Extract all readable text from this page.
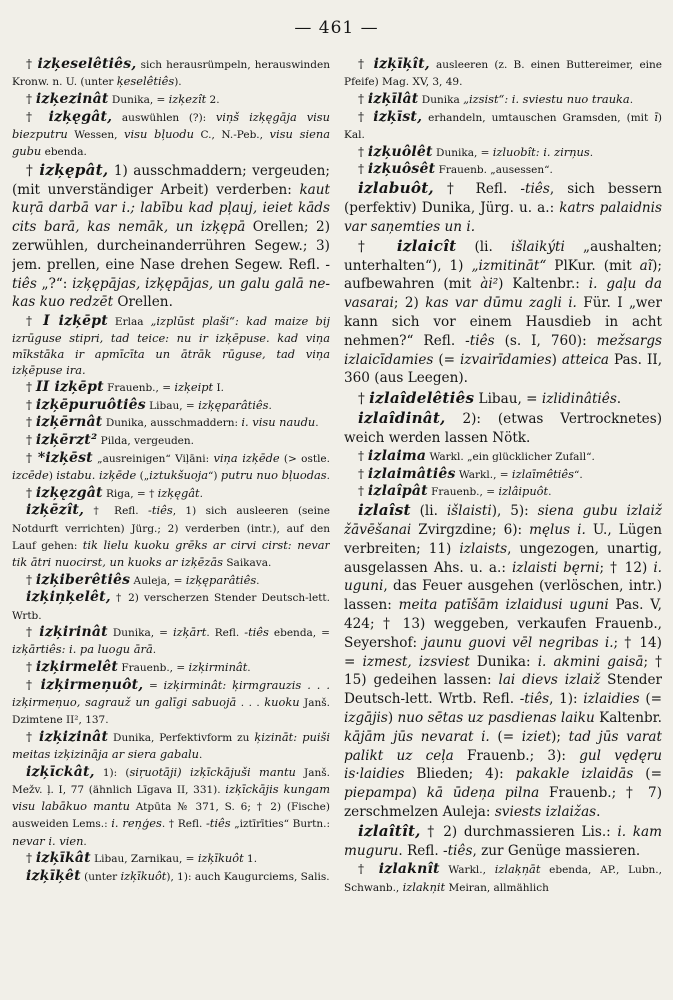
— 461 —

† izķeselêtiês, sich herausrümpeln, herauswinden Kronw. n. U. (unter ķeselêtiês).

† izķezinât Dunika, = izķezît 2.

† izķęgât, auswühlen (?): viņš izķęgāja visu biezputru Wessen, visu bļuodu C., N.-Peb., visu siena gubu ebenda.

† izķępât, 1) ausschmaddern; vergeuden; (mit unverständiger Arbeit) verderben: kaut kuŗā darbā var i.; labību kad pļauj, ieiet kāds cits barā, kas nemāk, un izķępā Orellen; 2) zerwühlen, durcheinanderrühren Segew.; 3) jem. prellen, eine Nase drehen Segew. Refl. -tiês „?“: izķępājas, izķępājas, un galu galā ne-kas kuo redzēt Orellen.

† I izķēpt Erlaa „izplūst plaši“: kad maize bij izrūguse stipri, tad teice: nu ir izķēpuse. kad viņa mīkstāka ir apmīcīta un ātrāk rūguse, tad viņa izķēpuse ira.

† II izķēpt Frauenb., = izķeipt I.

† izķēpuruôtiês Libau, = izķęparâtiês.

† izķērnât Dunika, ausschmaddern: i. visu naudu.

† izķērzt² Pilda, vergeuden.

† *izķēst „ausreinigen“ Viļāni: viņa izķēde (> ostle. izcēde) istabu. izķēde („iztukšuoja“) putru nuo bļuodas.

† izķęzgât Riga, = † izķęgât.

izķēzît, † Refl. -tiês, 1) sich ausleeren (seine Notdurft verrichten) Jürg.; 2) verderben (intr.), auf den Lauf gehen: tik lielu kuoku grēks ar cirvi cirst: nevar tik ātri nuocirst, un kuoks ar izķēzās Saikava.

† izķiberêtiês Auleja, = izķęparâtiês.

izķiņķelêt, † 2) verscherzen Stender Deutsch-lett. Wrtb.

† izķirinât Dunika, = izķārt. Refl. -tiês ebenda, = izķārtiês: i. pa luogu ārā.

† izķirmelêt Frauenb., = izķirminât.

† izķirmeņuôt, = izķirminât: ķirmgrauzis . . . izķirmeņuo, sagrauž un galīgi sabuojā . . . kuoku Janš. Dzimtene II², 137.

† izķizinât Dunika, Perfektivform zu ķizināt: puiši meitas izķizināja ar siera gabalu.

izķīckât, 1): (siŗuotāji) izķīckājuši mantu Janš. Mežv. ļ. I, 77 (ähnlich Līgava II, 331). izķīckājis kungam visu labākuo mantu Atpūta № 371, S. 6; † 2) (Fische) ausweiden Lems.: i. reņģes. † Refl. -tiês „iztīrīties“ Burtn.: nevar i. vien.

† izķīkât Libau, Zarnikau, = izķīkuôt 1.

izķīķêt (unter izķīkuôt), 1): auch Kaugurciems, Salis.

† izķīķît, ausleeren (z. B. einen Buttereimer, eine Pfeife) Mag. XV, 3, 49.

† izķīlât Dunika „izsist“: i. sviestu nuo trauka.

† izķīst, erhandeln, umtauschen Gramsden, (mit ī) Kal.

† izķuôlêt Dunika, = izluobît: i. zirņus.

† izķuôsêt Frauenb. „ausessen“.

izlabuôt, † Refl. -tiês, sich bessern (perfektiv) Dunika, Jürg. u. a.: katrs palaidnis var saņemties un i.

† izlaicît (li. išlaikýti „aushalten; unterhalten“), 1) „izmitināt“ PlKur. (mit aĩ); aufbewahren (mit ài²) Kaltenbr.: i. gaļu da vasarai; 2) kas var dūmu zagli i. Für. I „wer kann sich vor einem Hausdieb in acht nehmen?“ Refl. -tiês (s. I, 760): mežsargs izlaicīdamies (= izvairīdamies) atteica Pas. II, 360 (aus Leegen).

† izlaîdelêtiês Libau, = izlidinâtiês.

izlaîdinât, 2): (etwas Vertrocknetes) weich werden lassen Nötk.

† izlaima Warkl. „ein glücklicher Zufall“.

† izlaimâtiês Warkl., = izlaīmêtiês“.

† izlaîpât Frauenb., = izlâipuôt.

izlaîst (li. išlaisti), 5): siena gubu izlaiž žāvēšanai Zvirgzdine; 6): męlus i. U., Lügen verbreiten; 11) izlaists, ungezogen, unartig, ausgelassen Ahs. u. a.: izlaisti bęrni; † 12) i. uguni, das Feuer ausgehen (verlöschen, intr.) lassen: meita patīšām izlaidusi uguni Pas. V, 424; † 13) weggeben, verkaufen Frauenb., Seyershof: jaunu guovi vēl negribas i.; † 14) = izmest, izsviest Dunika: i. akmini gaisā; † 15) gedeihen lassen: lai dievs izlaiž Stender Deutsch-lett. Wrtb. Refl. -tiês, 1): izlaidies (= izgājis) nuo sētas uz pasdienas laiku Kaltenbr. kājām jūs nevarat i. (= iziet); tad jūs varat palikt uz ceļa Frauenb.; 3): gul vędęru is·laidies Blieden; 4): pakakle izlaidās (= piepampa) kā ūdeņa pilna Frauenb.; † 7) zerschmelzen Auleja: sviests izlaižas.

izlaîtît, † 2) durchmassieren Lis.: i. kam muguru. Refl. -tiês, zur Genüge massieren.

† izlaknît Warkl., izlaķņāt ebenda, AP., Lubn., Schwanb., izlakņit Meiran, allmählich
